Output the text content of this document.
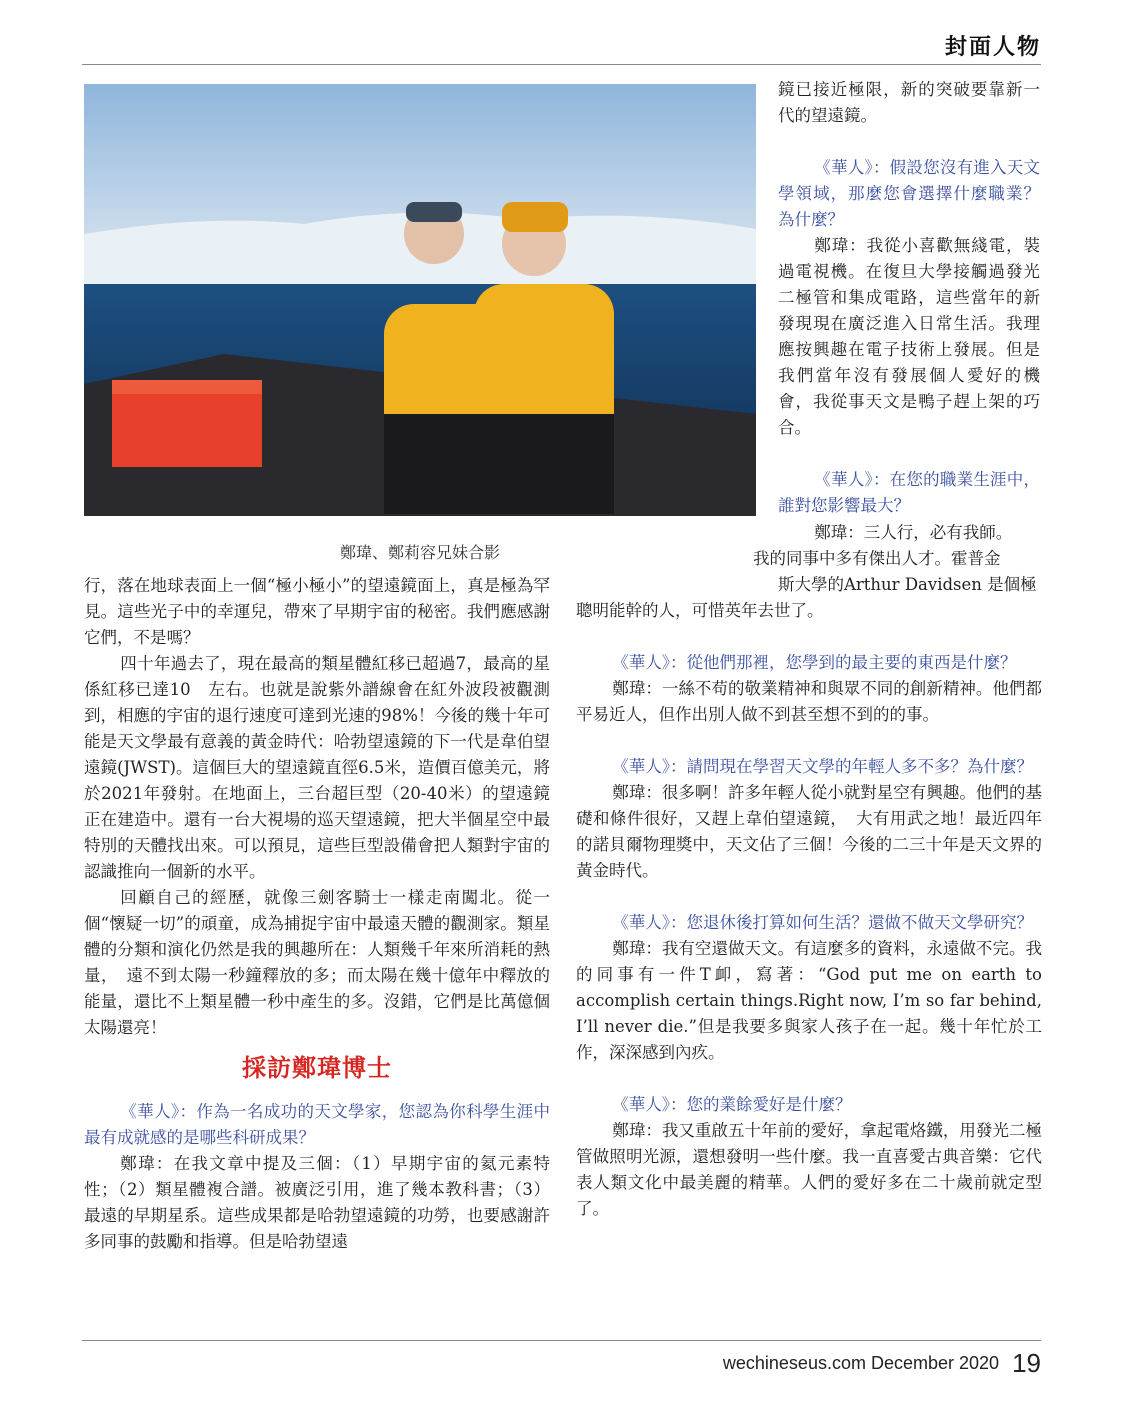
封面人物
鄭瑋、鄭莉容兄妹合影

鏡已接近極限，新的突破要靠新一代的望遠鏡。

《華人》：假設您沒有進入天文學領域，那麼您會選擇什麼職業？為什麼？

鄭瑋：我從小喜歡無綫電，裝過電視機。在復旦大學接觸過發光二極管和集成電路，這些當年的新發現現在廣泛進入日常生活。我理應按興趣在電子技術上發展。但是我們當年沒有發展個人愛好的機會，我從事天文是鴨子趕上架的巧合。

《華人》：在您的職業生涯中，誰對您影響最大？

鄭瑋：三人行，必有我師。

我的同事中多有傑出人才。霍普金

斯大學的Arthur Davidsen 是個極

聰明能幹的人，可惜英年去世了。

《華人》：從他們那裡，您學到的最主要的東西是什麼？

鄭瑋：一絲不苟的敬業精神和與眾不同的創新精神。他們都平易近人，但作出別人做不到甚至想不到的的事。

《華人》：請問現在學習天文學的年輕人多不多？為什麼？

鄭瑋：很多啊！許多年輕人從小就對星空有興趣。他們的基礎和條件很好，又趕上韋伯望遠鏡，　大有用武之地！最近四年的諾貝爾物理獎中，天文佔了三個！今後的二三十年是天文界的黃金時代。

《華人》：您退休後打算如何生活？還做不做天文學研究？

鄭瑋：我有空還做天文。有這麼多的資料，永遠做不完。我的同事有一件T卹，寫著：“God put me on earth to accomplish certain things.Right now, I’m so far behind, I’ll never die.”但是我要多與家人孩子在一起。幾十年忙於工作，深深感到內疚。

《華人》：您的業餘愛好是什麼？

鄭瑋：我又重啟五十年前的愛好，拿起電烙鐵，用發光二極管做照明光源，還想發明一些什麼。我一直喜愛古典音樂：它代表人類文化中最美麗的精華。人們的愛好多在二十歲前就定型了。

行，落在地球表面上一個“極小極小”的望遠鏡面上，真是極為罕見。這些光子中的幸運兒，帶來了早期宇宙的秘密。我們應感謝它們，不是嗎？

四十年過去了，現在最高的類星體紅移已超過7，最高的星係紅移已達10　左右。也就是說紫外譜線會在紅外波段被觀測到，相應的宇宙的退行速度可達到光速的98%！今後的幾十年可能是天文學最有意義的黃金時代：哈勃望遠鏡的下一代是韋伯望遠鏡(JWST)。這個巨大的望遠鏡直徑6.5米，造價百億美元，將於2021年發射。在地面上，三台超巨型（20-40米）的望遠鏡正在建造中。還有一台大視場的巡天望遠鏡，把大半個星空中最特別的天體找出來。可以預見，這些巨型設備會把人類對宇宙的認識推向一個新的水平。

回顧自己的經歷，就像三劍客騎士一樣走南闖北。從一個“懷疑一切”的頑童，成為捕捉宇宙中最遠天體的觀測家。類星體的分類和演化仍然是我的興趣所在：人類幾千年來所消耗的熱量，　遠不到太陽一秒鐘釋放的多；而太陽在幾十億年中釋放的能量，還比不上類星體一秒中產生的多。沒錯，它們是比萬億個太陽還亮！

採訪鄭瑋博士

《華人》：作為一名成功的天文學家，您認為你科學生涯中最有成就感的是哪些科研成果？

鄭瑋：在我文章中提及三個：（1）早期宇宙的氦元素特性；（2）類星體複合譜。被廣泛引用，進了幾本教科書；（3）最遠的早期星系。這些成果都是哈勃望遠鏡的功勞，也要感謝許多同事的鼓勵和指導。但是哈勃望遠

wechineseus.com December 2020 19
